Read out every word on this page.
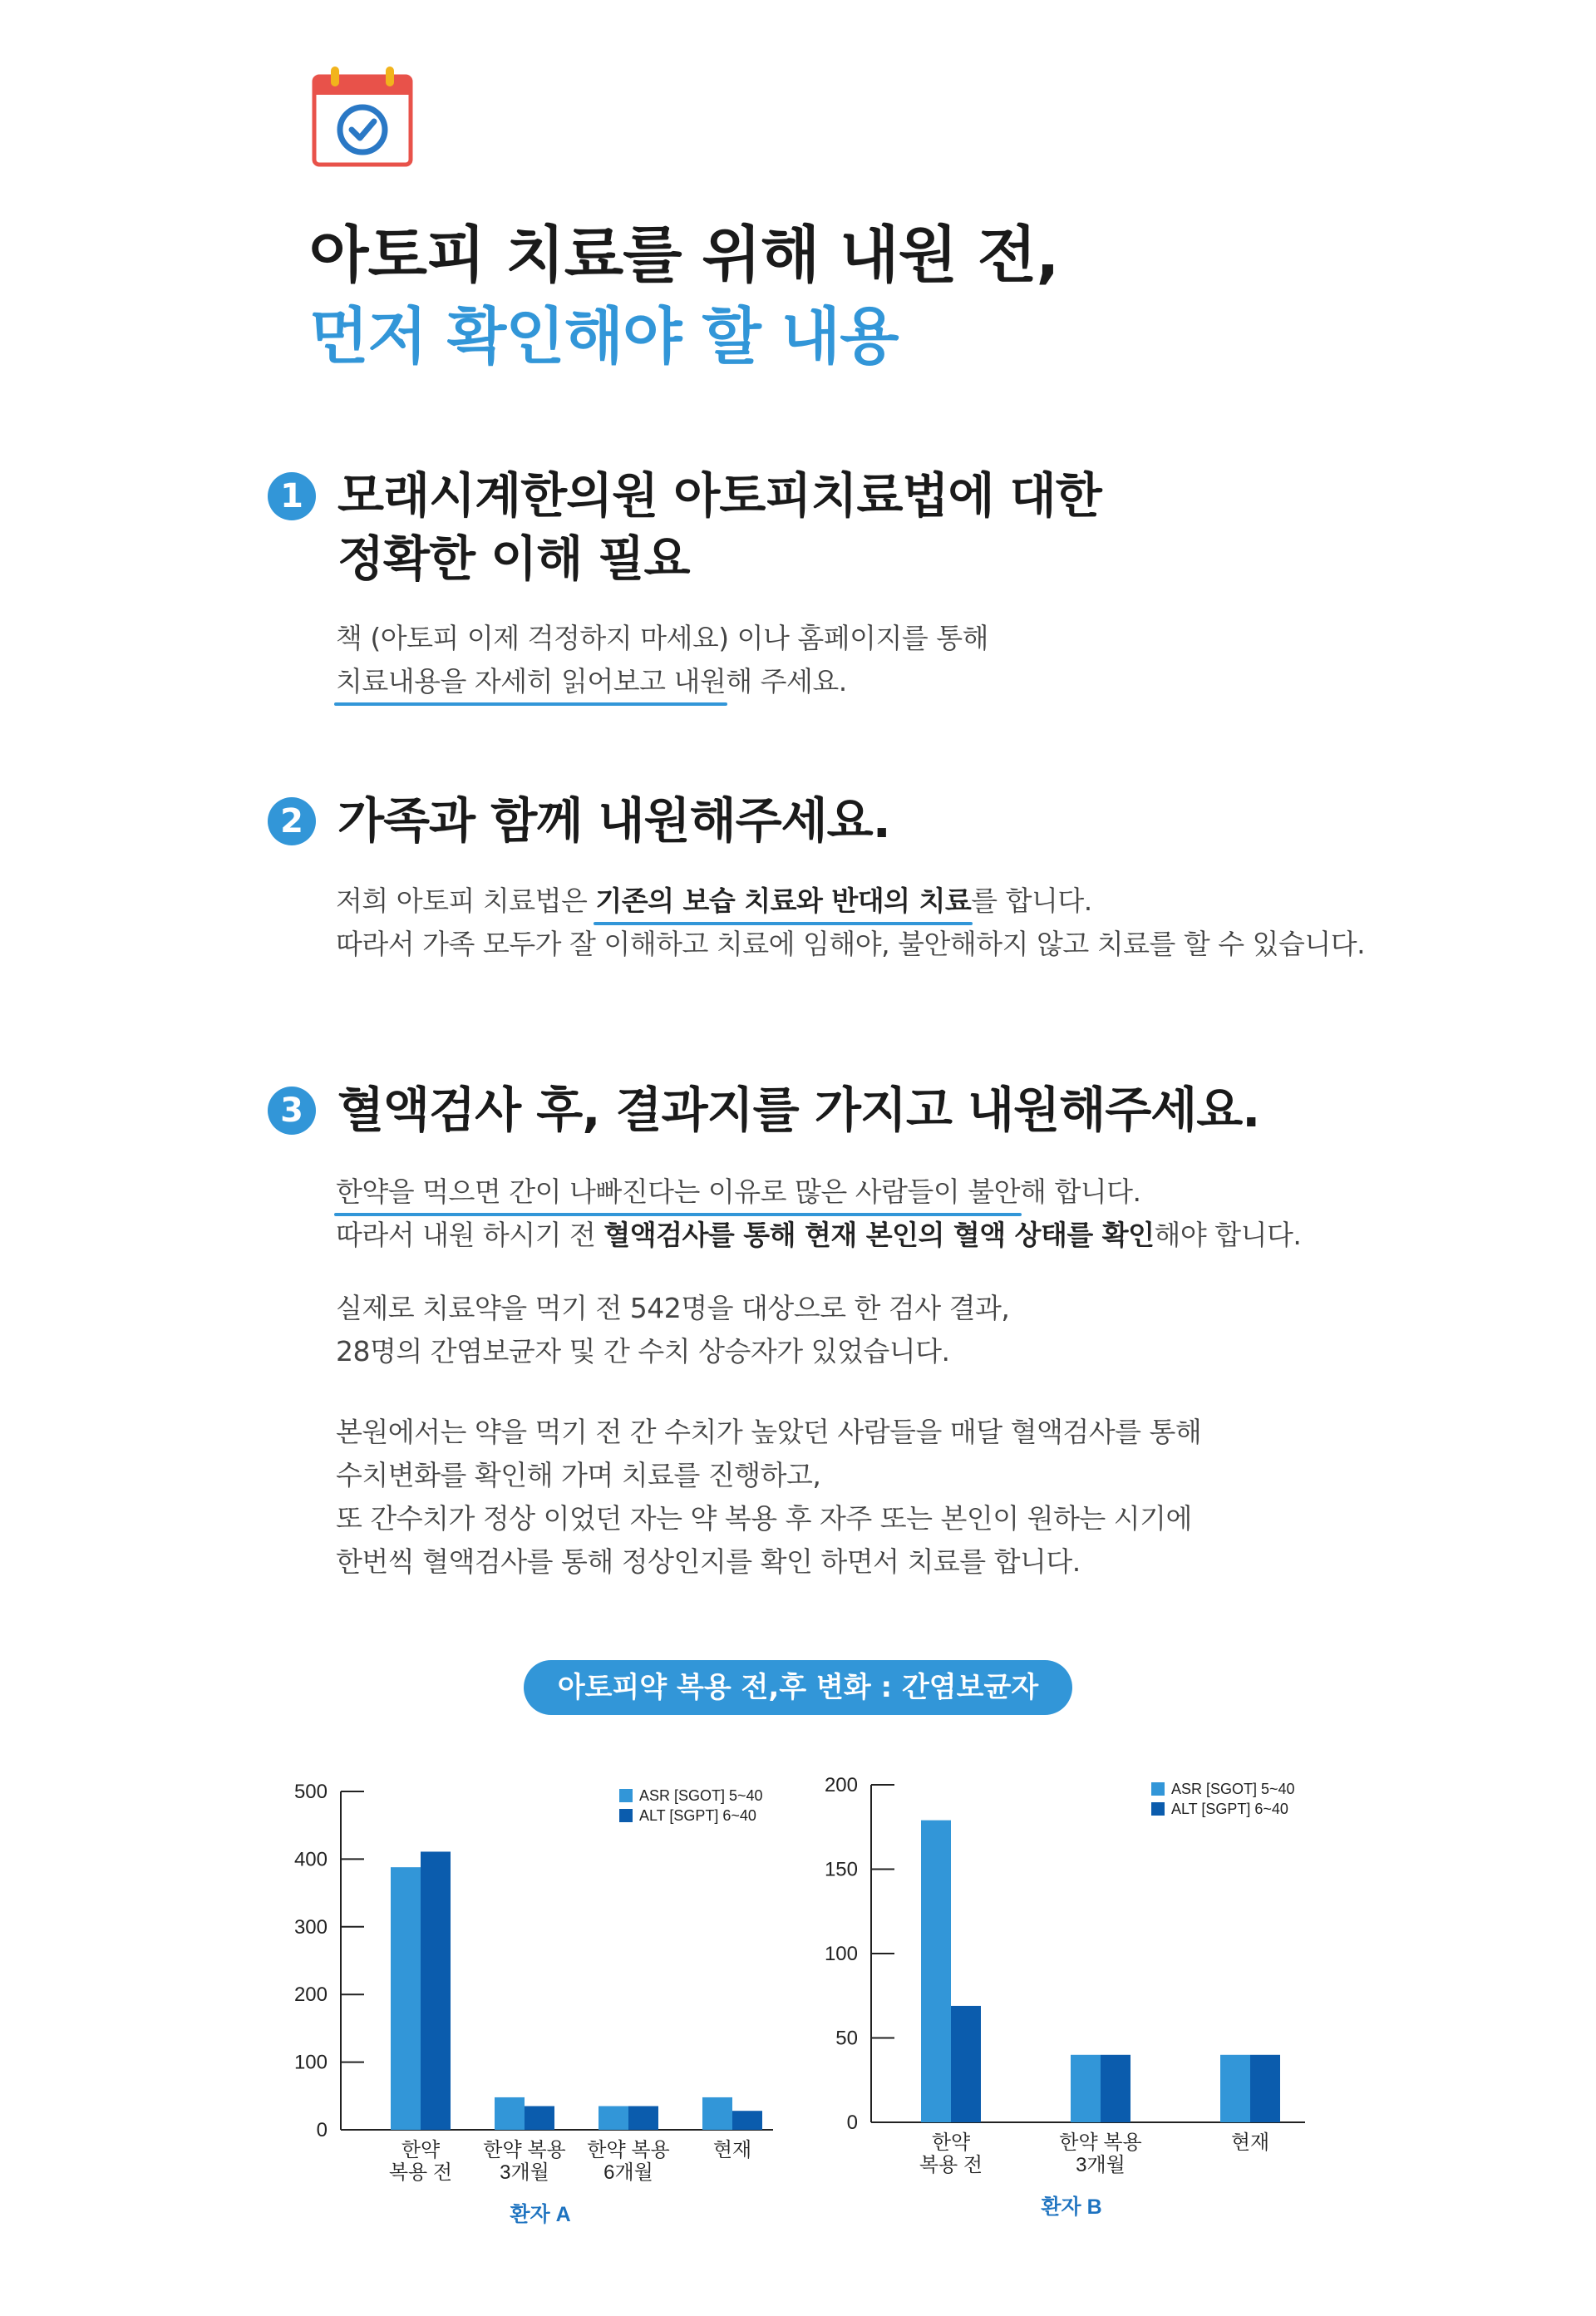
아토피 치료를 위해 내원 전,
먼저 확인해야 할 내용
1 모래시계한의원 아토피치료법에 대한
정확한 이해 필요
책 (아토피 이제 걱정하지 마세요) 이나 홈페이지를 통해
치료내용을 자세히 읽어보고 내원해 주세요.
2 가족과 함께 내원해주세요.
저희 아토피 치료법은 기존의 보습 치료와 반대의 치료를 합니다.
따라서 가족 모두가 잘 이해하고 치료에 임해야, 불안해하지 않고 치료를 할 수 있습니다.
3 혈액검사 후, 결과지를 가지고 내원해주세요.
한약을 먹으면 간이 나빠진다는 이유로 많은 사람들이 불안해 합니다.
따라서 내원 하시기 전 혈액검사를 통해 현재 본인의 혈액 상태를 확인해야 합니다.
실제로 치료약을 먹기 전 542명을 대상으로 한 검사 결과,
28명의 간염보균자 및 간 수치 상승자가 있었습니다.
본원에서는 약을 먹기 전 간 수치가 높았던 사람들을 매달 혈액검사를 통해
수치변화를 확인해 가며 치료를 진행하고,
또 간수치가 정상 이었던 자는 약 복용 후 자주 또는 본인이 원하는 시기에
한번씩 혈액검사를 통해 정상인지를 확인 하면서 치료를 합니다.
아토피약 복용 전,후 변화 : 간염보균자
0
100
200
300
400
500
한약
복용 전
한약 복용
3개월
한약 복용
6개월
현재
환자 A
ASR [SGOT] 5~40
ALT [SGPT] 6~40
0
50
100
150
200
한약
복용 전
한약 복용
3개월
현재
환자 B
ASR [SGOT] 5~40
ALT [SGPT] 6~40
